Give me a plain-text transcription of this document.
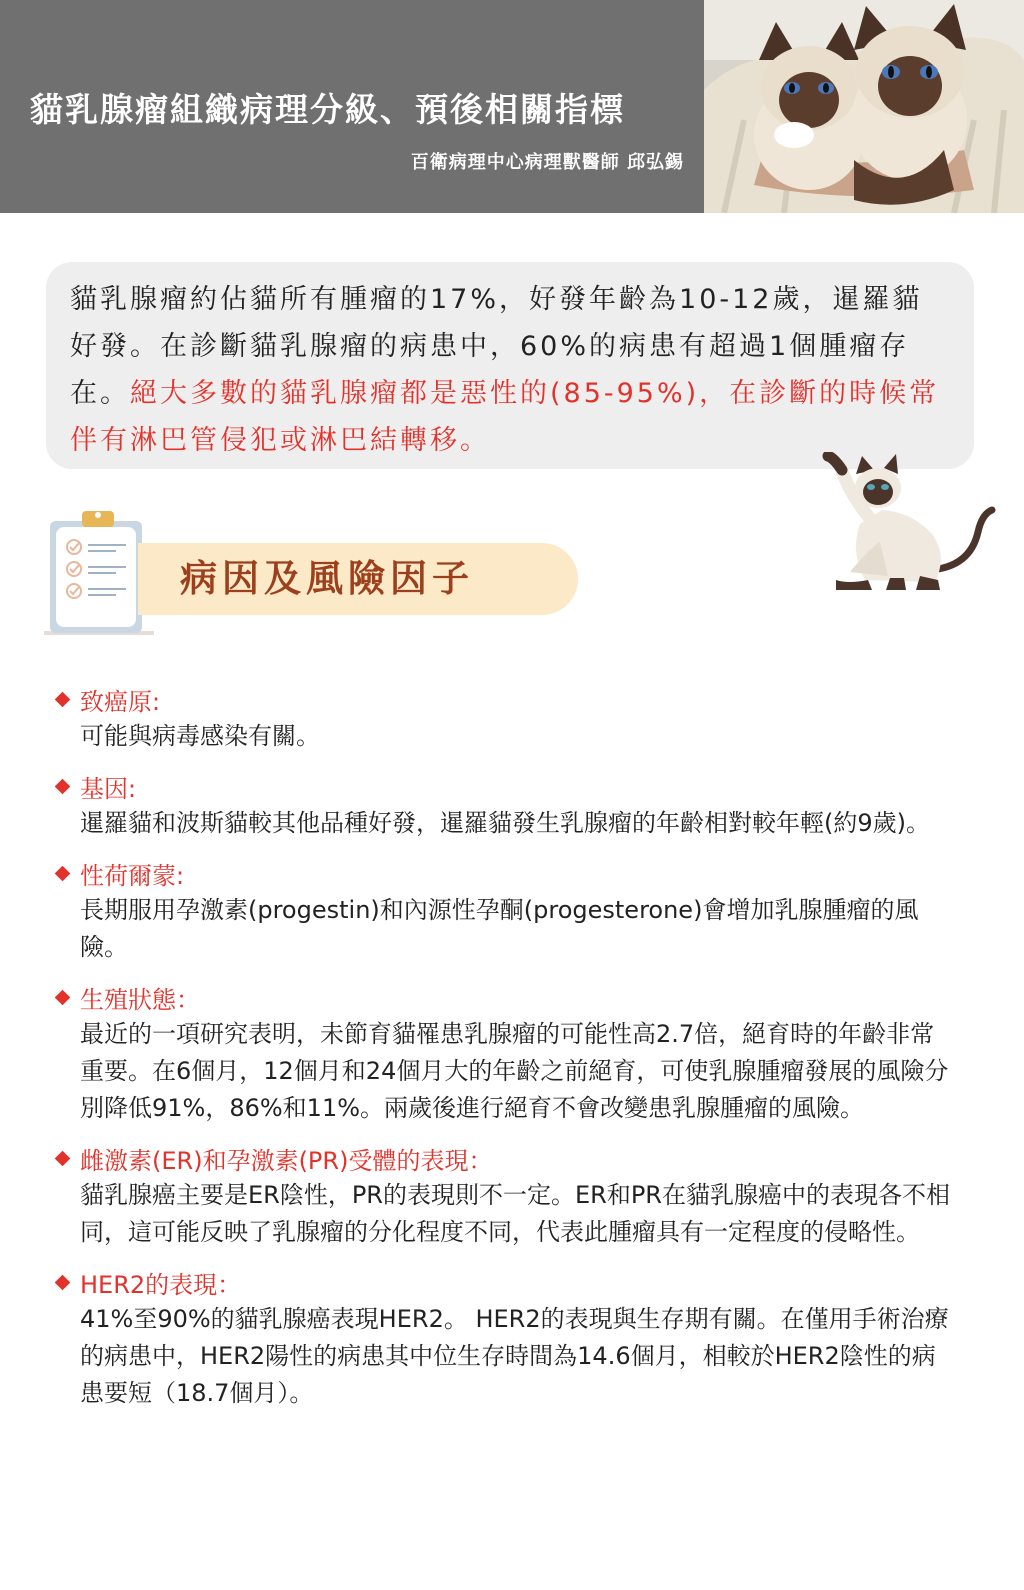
貓乳腺瘤組織病理分級、預後相關指標
百衛病理中心病理獸醫師 邱弘錫
貓乳腺瘤約佔貓所有腫瘤的17%，好發年齡為10-12歲，暹羅貓好發。在診斷貓乳腺瘤的病患中，60%的病患有超過1個腫瘤存在。絕大多數的貓乳腺瘤都是惡性的(85-95%)，在診斷的時候常伴有淋巴管侵犯或淋巴結轉移。
病因及風險因子
致癌原:
可能與病毒感染有關。
基因:
暹羅貓和波斯貓較其他品種好發，暹羅貓發生乳腺瘤的年齡相對較年輕(約9歲)。
性荷爾蒙:
長期服用孕激素(progestin)和內源性孕酮(progesterone)會增加乳腺腫瘤的風險。
生殖狀態：
最近的一項研究表明，未節育貓罹患乳腺瘤的可能性高2.7倍，絕育時的年齡非常重要。在6個月，12個月和24個月大的年齡之前絕育，可使乳腺腫瘤發展的風險分別降低91%，86%和11%。兩歲後進行絕育不會改變患乳腺腫瘤的風險。
雌激素(ER)和孕激素(PR)受體的表現：
貓乳腺癌主要是ER陰性，PR的表現則不一定。ER和PR在貓乳腺癌中的表現各不相同，這可能反映了乳腺瘤的分化程度不同，代表此腫瘤具有一定程度的侵略性。
HER2的表現：
41%至90%的貓乳腺癌表現HER2。 HER2的表現與生存期有關。在僅用手術治療的病患中，HER2陽性的病患其中位生存時間為14.6個月，相較於HER2陰性的病患要短（18.7個月）。
